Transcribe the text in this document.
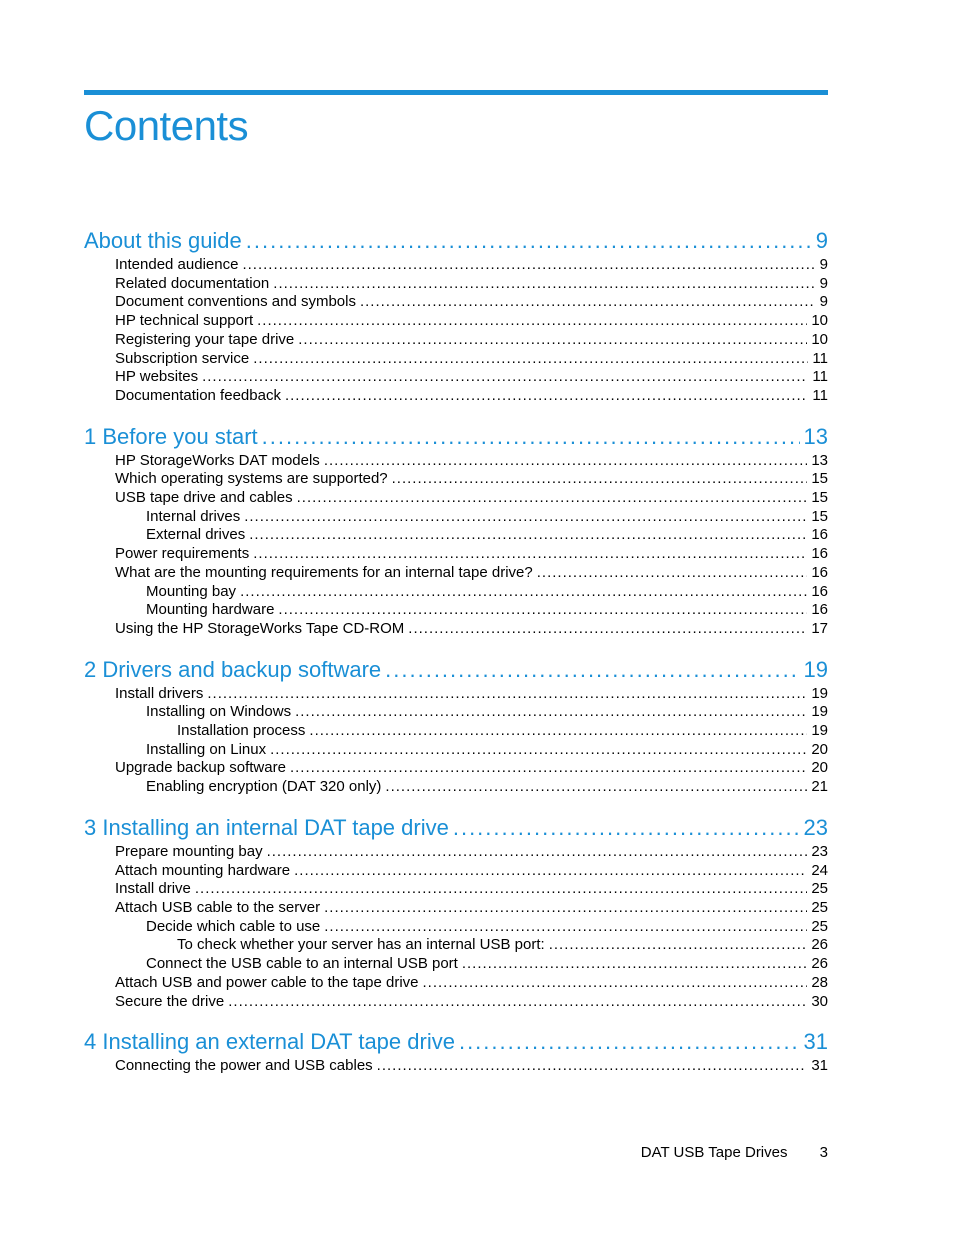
Contents
About this guide .....	9
Intended audience .....	9
Related documentation .....	9
Document conventions and symbols .....	9
HP technical support .....	10
Registering your tape drive .....	10
Subscription service .....	11
HP websites .....	11
Documentation feedback .....	11
1 Before you start .....	13
HP StorageWorks DAT models .....	13
Which operating systems are supported? .....	15
USB tape drive and cables .....	15
Internal drives .....	15
External drives .....	16
Power requirements .....	16
What are the mounting requirements for an internal tape drive? .....	16
Mounting bay .....	16
Mounting hardware .....	16
Using the HP StorageWorks Tape CD-ROM .....	17
2 Drivers and backup software .....	19
Install drivers .....	19
Installing on Windows .....	19
Installation process .....	19
Installing on Linux .....	20
Upgrade backup software .....	20
Enabling encryption (DAT 320 only) .....	21
3 Installing an internal DAT tape drive .....	23
Prepare mounting bay .....	23
Attach mounting hardware .....	24
Install drive .....	25
Attach USB cable to the server .....	25
Decide which cable to use .....	25
To check whether your server has an internal USB port: .....	26
Connect the USB cable to an internal USB port .....	26
Attach USB and power cable to the tape drive .....	28
Secure the drive .....	30
4 Installing an external DAT tape drive .....	31
Connecting the power and USB cables .....	31
DAT USB Tape Drives 3
